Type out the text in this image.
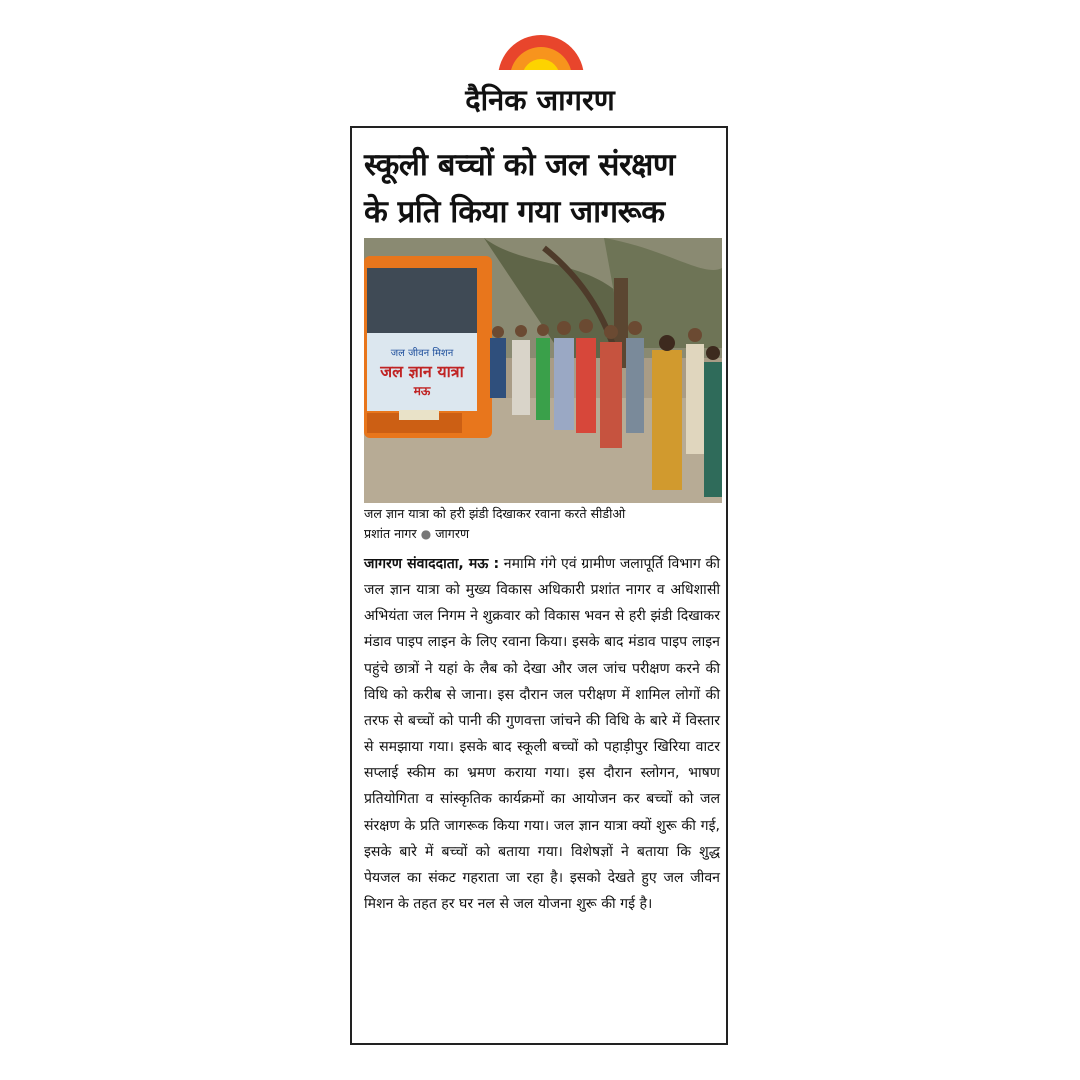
दैनिक जागरण
स्कूली बच्चों को जल संरक्षण
के प्रति किया गया जागरूक
जल जीवन मिशन
जल ज्ञान यात्रा
मऊ
जल ज्ञान यात्रा को हरी झंडी दिखाकर रवाना करते सीडीओ
प्रशांत नागर ● जागरण
जागरण संवाददाता, मऊ : नमामि गंगे एवं ग्रामीण जलापूर्ति विभाग की जल ज्ञान यात्रा को मुख्य विकास अधिकारी प्रशांत नागर व अधिशासी अभियंता जल निगम ने शुक्रवार को विकास भवन से हरी झंडी दिखाकर मंडाव पाइप लाइन के लिए रवाना किया। इसके बाद मंडाव पाइप लाइन पहुंचे छात्रों ने यहां के लैब को देखा और जल जांच परीक्षण करने की विधि को करीब से जाना। इस दौरान जल परीक्षण में शामिल लोगों की तरफ से बच्चों को पानी की गुणवत्ता जांचने की विधि के बारे में विस्तार से समझाया गया। इसके बाद स्कूली बच्चों को पहाड़ीपुर खिरिया वाटर सप्लाई स्कीम का भ्रमण कराया गया। इस दौरान स्लोगन, भाषण प्रतियोगिता व सांस्कृतिक कार्यक्रमों का आयोजन कर बच्चों को जल संरक्षण के प्रति जागरूक किया गया। जल ज्ञान यात्रा क्यों शुरू की गई, इसके बारे में बच्चों को बताया गया। विशेषज्ञों ने बताया कि शुद्ध पेयजल का संकट गहराता जा रहा है। इसको देखते हुए जल जीवन मिशन के तहत हर घर नल से जल योजना शुरू की गई है।
